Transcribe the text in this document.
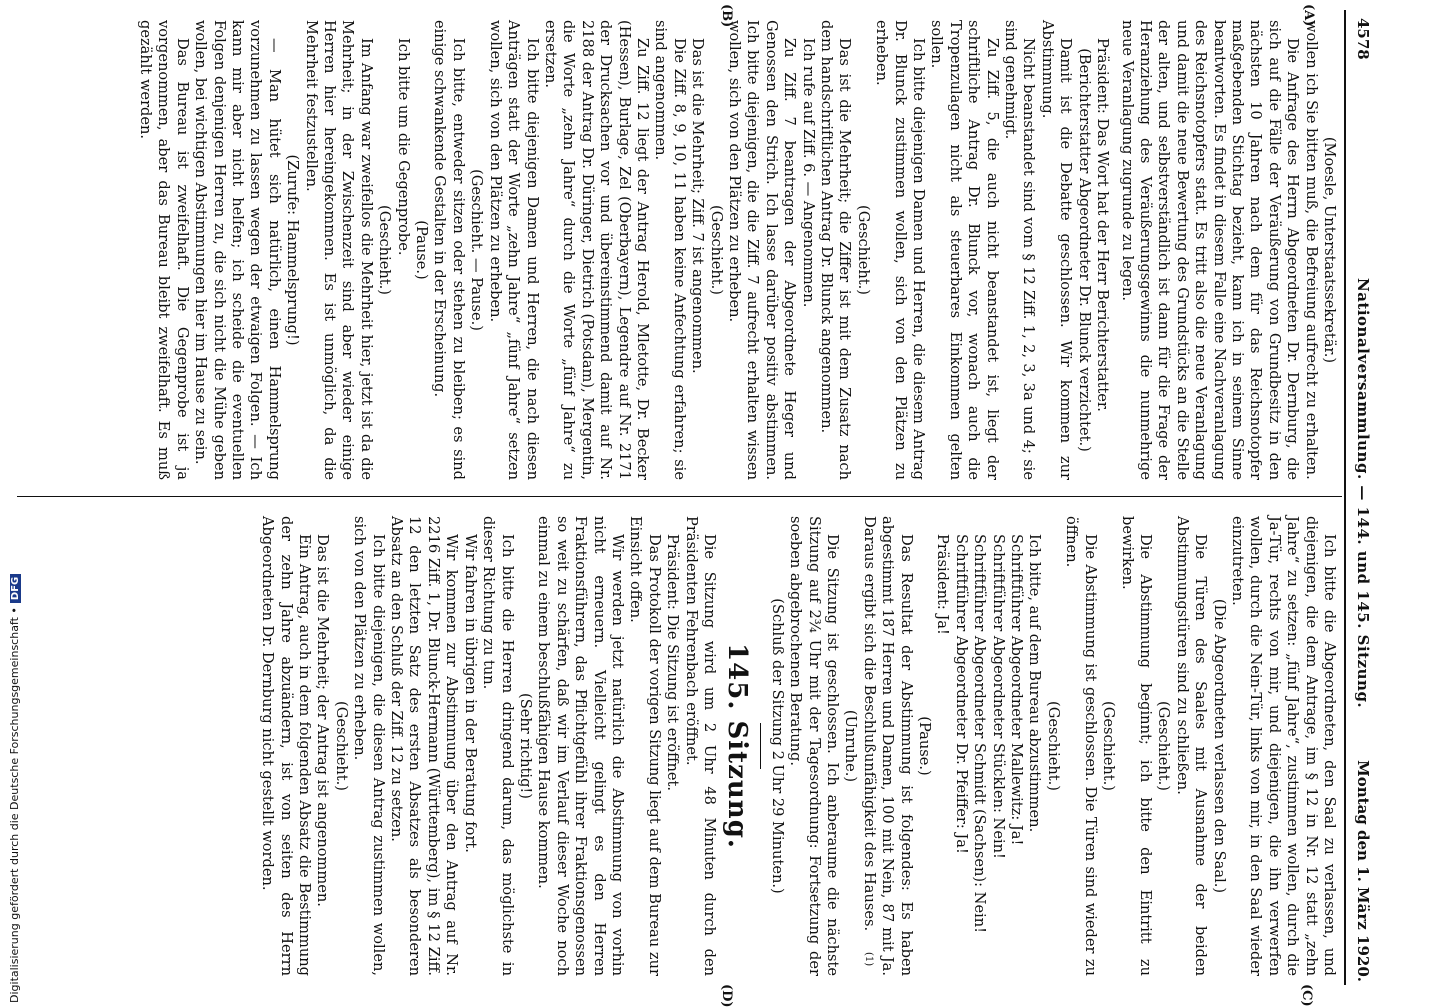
4578
Nationalversammlung. — 144. und 145. Sitzung.
Montag den 1. März 1920.
(A)
(B)
(C)
(D)

(Moesle, Unterstaatssekretär.)

wollen ich Sie bitten muß, die Befreiung aufrecht zu erhalten.

Die Anfrage des Herrn Abgeordneten Dr. Dernburg, die sich auf die Fälle der Veräußerung von Grundbesitz in den nächsten 10 Jahren nach dem für das Reichsnotopfer maßgebenden Stichtag bezieht, kann ich in seinem Sinne beantworten. Es findet in diesem Falle eine Nachveranlagung des Reichsnotopfers statt. Es tritt also die neue Veranlagung und damit die neue Bewertung des Grundstücks an die Stelle der alten, und selbstverständlich ist dann für die Frage der Heranziehung des Veräußerungsgewinns die nunmehrige neue Veranlagung zugrunde zu legen.

Präsident: Das Wort hat der Herr Berichterstatter.

(Berichterstatter Abgeordneter Dr. Blunck verzichtet.)

Damit ist die Debatte geschlossen. Wir kommen zur Abstimmung.

Nicht beanstandet sind vom § 12 Ziff. 1, 2, 3, 3a und 4; sie sind genehmigt.

Zu Ziff. 5, die auch nicht beanstandet ist, liegt der schriftliche Antrag Dr. Blunck vor, wonach auch die Tropenzulagen nicht als steuerbares Einkommen gelten sollen.

Ich bitte diejenigen Damen und Herren, die diesem Antrag Dr. Blunck zustimmen wollen, sich von den Plätzen zu erheben.

(Geschieht.)

Das ist die Mehrheit; die Ziffer ist mit dem Zusatz nach dem handschriftlichen Antrag Dr. Blunck angenommen.

Ich rufe auf Ziff. 6. — Angenommen.

Zu Ziff. 7 beantragen der Abgeordnete Heger und Genossen den Strich. Ich lasse darüber positiv abstimmen. Ich bitte diejenigen, die die Ziff. 7 aufrecht erhalten wissen wollen, sich von den Plätzen zu erheben.

(Geschieht.)

Das ist die Mehrheit; Ziff. 7 ist angenommen.

Die Ziff. 8, 9, 10, 11 haben keine Anfechtung erfahren; sie sind angenommen.

Zu Ziff. 12 liegt der Antrag Herold, Mletotte, Dr. Becker (Hessen), Burlage, Zel (Oberbayern), Legendre auf Nr. 2171 der Drucksachen vor und übereinstimmend damit auf Nr. 2188 der Antrag Dr. Düringer, Dietrich (Potsdam), Mergentin, die Worte „zehn Jahre“ durch die Worte „fünf Jahre“ zu ersetzen.

Ich bitte diejenigen Damen und Herren, die nach diesen Anträgen statt der Worte „zehn Jahre“ „fünf Jahre“ setzen wollen, sich von den Plätzen zu erheben.

(Geschieht. — Pause.)

Ich bitte, entweder sitzen oder stehen zu bleiben; es sind einige schwankende Gestalten in der Erscheinung.

(Pause.)

Ich bitte um die Gegenprobe.

(Geschieht.)

Im Anfang war zweifellos die Mehrheit hier, jetzt ist da die Mehrheit; in der Zwischenzeit sind aber wieder einige Herren hier hereingekommen. Es ist unmöglich, da die Mehrheit festzustellen.

(Zurufe: Hammelsprung!)

— Man hütet sich natürlich, einen Hammelsprung vorzunehmen zu lassen wegen der etwaigen Folgen. — Ich kann mir aber nicht helfen; ich scheide die eventuellen Folgen denjenigen Herren zu, die sich nicht die Mühe geben wollen, bei wichtigen Abstimmungen hier im Hause zu sein.

Das Bureau ist zweifelhaft. Die Gegenprobe ist ja vorgenommen, aber das Bureau bleibt zweifelhaft. Es muß gezählt werden.

Ich bitte die Abgeordneten, den Saal zu verlassen, und diejenigen, die dem Antrage, im § 12 in Nr. 12 statt „zehn Jahre“ zu setzen: „fünf Jahre“, zustimmen wollen, durch die Ja-Tür, rechts von mir, und diejenigen, die ihn verwerfen wollen, durch die Nein-Tür, links von mir, in den Saal wieder einzutreten.

(Die Abgeordneten verlassen den Saal.)

Die Türen des Saales mit Ausnahme der beiden Abstimmungstüren sind zu schließen.

(Geschieht.)

Die Abstimmung beginnt; ich bitte den Eintritt zu bewirken.

(Geschieht.)

Die Abstimmung ist geschlossen. Die Türen sind wieder zu öffnen.

(Geschieht.)

Ich bitte, auf dem Bureau abzustimmen.

Schriftführer Abgeordneter Mallewitz: Ja!

Schriftführer Abgeordneter Stücklen: Nein!

Schriftführer Abgeordneter Schmidt (Sachsen): Nein!

Schriftführer Abgeordneter Dr. Pfeiffer: Ja!

Präsident: Ja!

(Pause.)

Das Resultat der Abstimmung ist folgendes: Es haben abgestimmt 187 Herren und Damen, 100 mit Nein, 87 mit Ja. Daraus ergibt sich die Beschlußunfähigkeit des Hauses.

(Unruhe.)

Die Sitzung ist geschlossen. Ich anberaume die nächste Sitzung auf 2¾ Uhr mit der Tagesordnung: Fortsetzung der soeben abgebrochenen Beratung.

(Schluß der Sitzung 2 Uhr 29 Minuten.)

145. Sitzung.

Die Sitzung wird um 2 Uhr 48 Minuten durch den Präsidenten Fehrenbach eröffnet.

Präsident: Die Sitzung ist eröffnet.

Das Protokoll der vorigen Sitzung liegt auf dem Bureau zur Einsicht offen.

Wir werden jetzt natürlich die Abstimmung von vorhin nicht erneuern. Vielleicht gelingt es den Herren Fraktionsführern, das Pflichtgefühl ihrer Fraktionsgenossen so weit zu schärfen, daß wir im Verlauf dieser Woche noch einmal zu einem beschlußfähigen Hause kommen.

(Sehr richtig!)

Ich bitte die Herren dringend darum, das möglichste in dieser Richtung zu tun.

Wir fahren in übrigen in der Beratung fort.

Wir kommen zur Abstimmung über den Antrag auf Nr. 2216 Ziff. 1, Dr. Blunck-Hermann (Württemberg), im § 12 Ziff. 12 den letzten Satz des ersten Absatzes als besonderen Absatz an den Schluß der Ziff. 12 zu setzen.

Ich bitte diejenigen, die diesen Antrag zustimmen wollen, sich von den Plätzen zu erheben.

(Geschieht.)

Das ist die Mehrheit; der Antrag ist angenommen.

Ein Antrag, auch in dem folgenden Absatz die Bestimmung der zehn Jahre abzuändern, ist von seiten des Herrn Abgeordneten Dr. Dernburg nicht gestellt worden.

(1)
Digitalisierung gefördert durch die Deutsche Forschungsgemeinschaft •DFG
